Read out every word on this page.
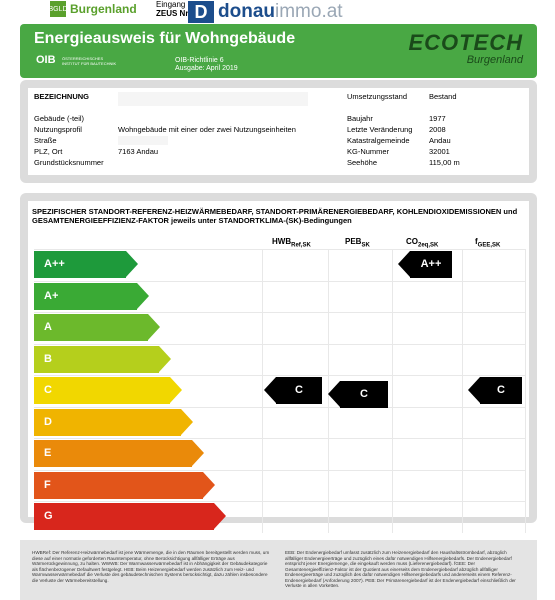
BGLD Burgenland Eingang
ZEUS Nr D donauimmo.at
Energieausweis für Wohngebäude
OIB ÖSTERREICHISCHES INSTITUT FÜR BAUTECHNIK	OIB-Richtlinie 6
Ausgabe: April 2019
ECOTECH
Burgenland
BEZEICHNUNG
Gebäude (-teil)
Nutzungsprofil	Wohngebäude mit einer oder zwei Nutzungseinheiten
Straße
PLZ, Ort	7163 Andau
Grundstücksnummer
Umsetzungsstand	Bestand
Baujahr	1977
Letzte Veränderung 2008
Katastralgemeinde	Andau
KG-Nummer	32001
Seehöhe	115,00 m
SPEZIFISCHER STANDORT-REFERENZ-HEIZWÄRMEBEDARF, STANDORT-PRIMÄRENERGIEBEDARF, KOHLENDIOXIDEMISSIONEN und GESAMTENERGIEEFFIZIENZ-FAKTOR jeweils unter STANDORTKLIMA-(SK)-Bedingungen
$HWB_{Ref,SK}$	$PEB_{SK}$	$CO_{2eq,SK}$	$f_{GEE,SK}$
A++
A+
A
B
C
D
E
F
G
C	C
A++
C
HWBRef: Der Referenz-Heizwärmebedarf ist jene Wärmemenge, die in den Räumen bereitgestellt werden muss, um diese auf einer normativ geforderten Raumtemperatur, ohne Berücksichtigung allfälliger Erträge aus Wärmerückgewinnung, zu halten. WWWB: Der Warmwasserwärmebedarf ist in Abhängigkeit der Gebäudekategorie als flächenbezogener Defaultwert festgelegt. HEB: Beim Heizenergiebedarf werden zusätzlich zum Heiz- und Warmwasserwärmebedarf die Verluste des gebäudetechnischen Systems berücksichtigt, dazu zählen insbesondere die Verluste der Wärmebereitstellung.
EEB: Der Endenergiebedarf umfasst zusätzlich zum Heizenergiebedarf den Haushaltsstrombedarf, abzüglich allfälliger Endenergieerträge und zuzüglich eines dafür notwendigen Hilfsenergiebedarfs. Der Endenergiebedarf entspricht jener Energiemenge, die eingekauft werden muss (Lieferenergiebedarf). fGEE: Der Gesamtenergieeffizienz-Faktor ist der Quotient aus einerseits dem Endenergiebedarf abzüglich allfälliger Endenergieerträge und zuzüglich des dafür notwendigen Hilfsenergiebedarfs und andererseits einem Referenz-Endenergiebedarf (Anforderung 2007). PEB: Der Primärenergiebedarf ist der Endenergiebedarf einschließlich der Verluste in allen Vorketten.
